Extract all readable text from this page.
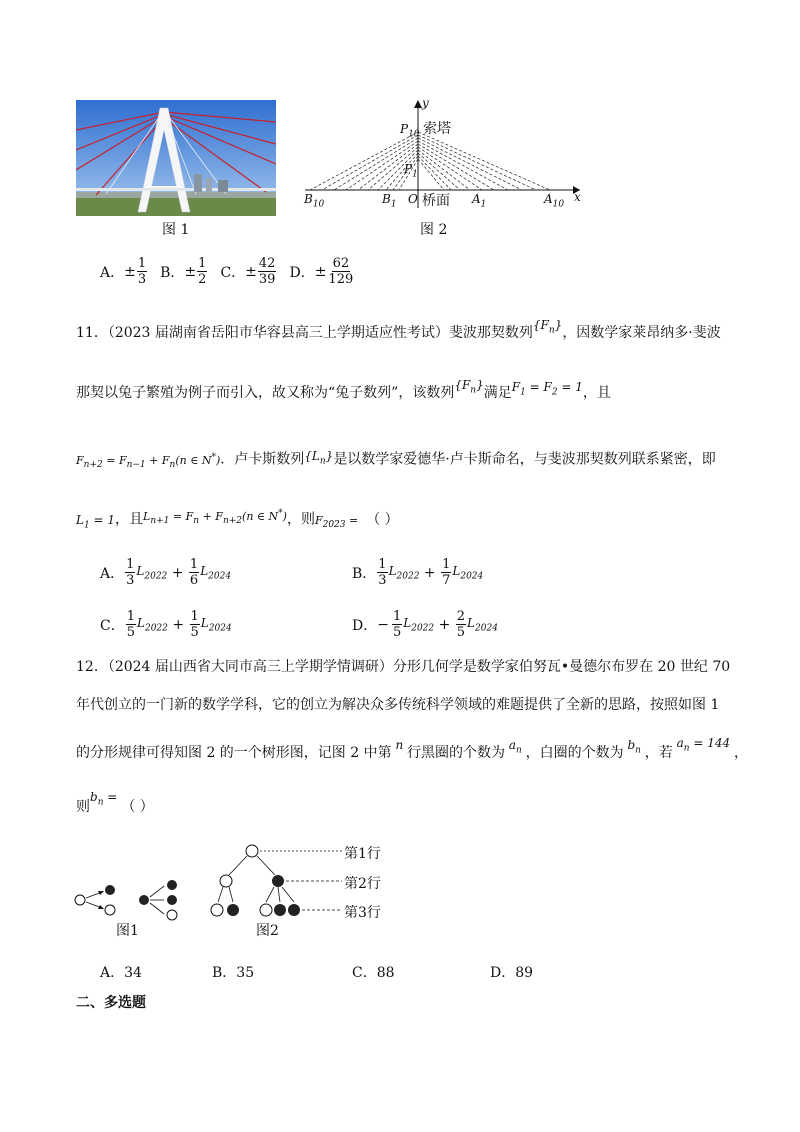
图 1
y
x
$P_{10}$ 索塔
$P_1$
$B_{10}$	$B_1$ O 桥面 $A_1$	$A_{10}$
图 2
A． ± $\frac{1}{3}$ B． ± $\frac{1}{2}$ C． ± $\frac{42}{39}$ D． ± $\frac{62}{129}$
11．（2023 届湖南省岳阳市华容县高三上学期适应性考试）斐波那契数列$\{F_n\}$，因数学家莱昂纳多·斐波
那契以兔子繁殖为例子而引入，故又称为“兔子数列”，该数列$\{F_n\}$满足$F_1 = F_2 = 1$，且
$F_{n+2} = F_{n-1} + F_n(n$ ∈ N*)．卢卡斯数列$\{L_n\}$是以数学家爱德华·卢卡斯命名，与斐波那契数列联系紧密，即
$L_1 = 1$，且$^{L_{n+1} = F_n + F_{n+2}(n \in N^*)}$，则$F_{2023}$ = （ ）
A． $\frac{1}{3} L_{2022} + \frac{1}{6} L_{2024}$	B． $\frac{1}{3} L_{2022} + \frac{1}{7} L_{2024}$
C． $\frac{1}{5} L_{2022} + \frac{1}{5} L_{2024}$	D． − $\frac{1}{5} L_{2022} + \frac{2}{5} L_{2024}$
12．（2024 届山西省大同市高三上学期学情调研）分形几何学是数学家伯努瓦•曼德尔布罗在 20 世纪 70
年代创立的一门新的数学学科，它的创立为解决众多传统科学领域的难题提供了全新的思路，按照如图 1
的分形规律可得知图 2 的一个树形图，记图 2 中第 n 行黑圈的个数为 $a_n$ ，白圈的个数为 $b_n$ ，若 $a_n = 144$ ，
则$b_n$ =（ ）
图1
第1行
第2行
第3行
图2
A．34	B．35	C．88	D．89
二、多选题
